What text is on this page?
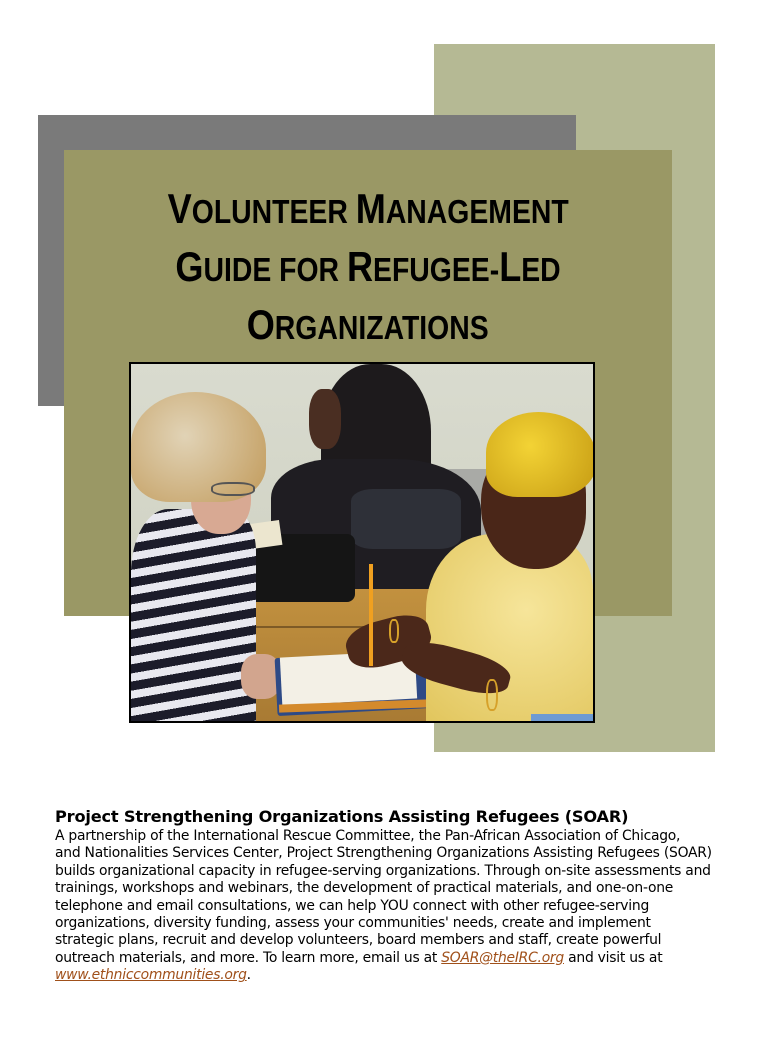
VOLUNTEER MANAGEMENT
GUIDE FOR REFUGEE-LED
ORGANIZATIONS
Project Strengthening Organizations Assisting Refugees (SOAR)
A partnership of the International Rescue Committee, the Pan-African Association of Chicago,
and Nationalities Services Center, Project Strengthening Organizations Assisting Refugees (SOAR)
builds organizational capacity in refugee-serving organizations. Through on-site assessments and
trainings, workshops and webinars, the development of practical materials, and one-on-one
telephone and email consultations, we can help YOU connect with other refugee-serving
organizations, diversity funding, assess your communities' needs, create and implement
strategic plans, recruit and develop volunteers, board members and staff, create powerful
outreach materials, and more. To learn more, email us at SOAR@theIRC.org and visit us at
www.ethniccommunities.org.
